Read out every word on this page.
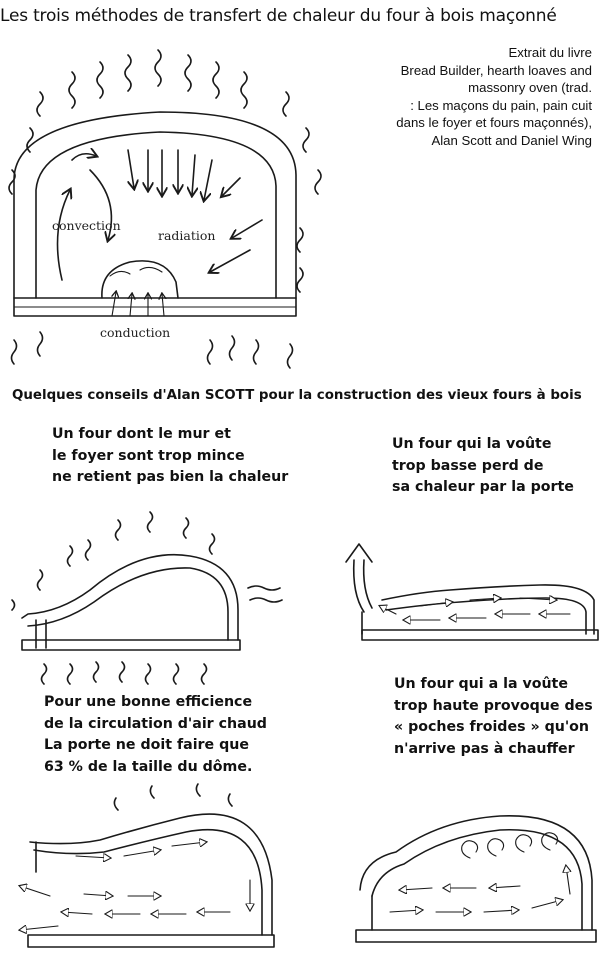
Les trois méthodes de transfert de chaleur du four à bois maçonné
Extrait du livre
Bread Builder, hearth loaves and
massonry oven (trad.
: Les maçons du pain, pain cuit
dans le foyer et fours maçonnés),
Alan Scott and Daniel Wing
convection
radiation
conduction
Quelques conseils d'Alan SCOTT pour la construction des vieux fours à bois
Un four dont le mur et
le foyer sont trop mince
ne retient pas bien la chaleur
Un four qui la voûte
trop basse perd de
sa chaleur par la porte
Pour une bonne efficience
de la circulation d'air chaud
La porte ne doit faire que
63 % de la taille du dôme.
Un four qui a la voûte
trop haute provoque des
« poches froides » qu'on
n'arrive pas à chauffer
